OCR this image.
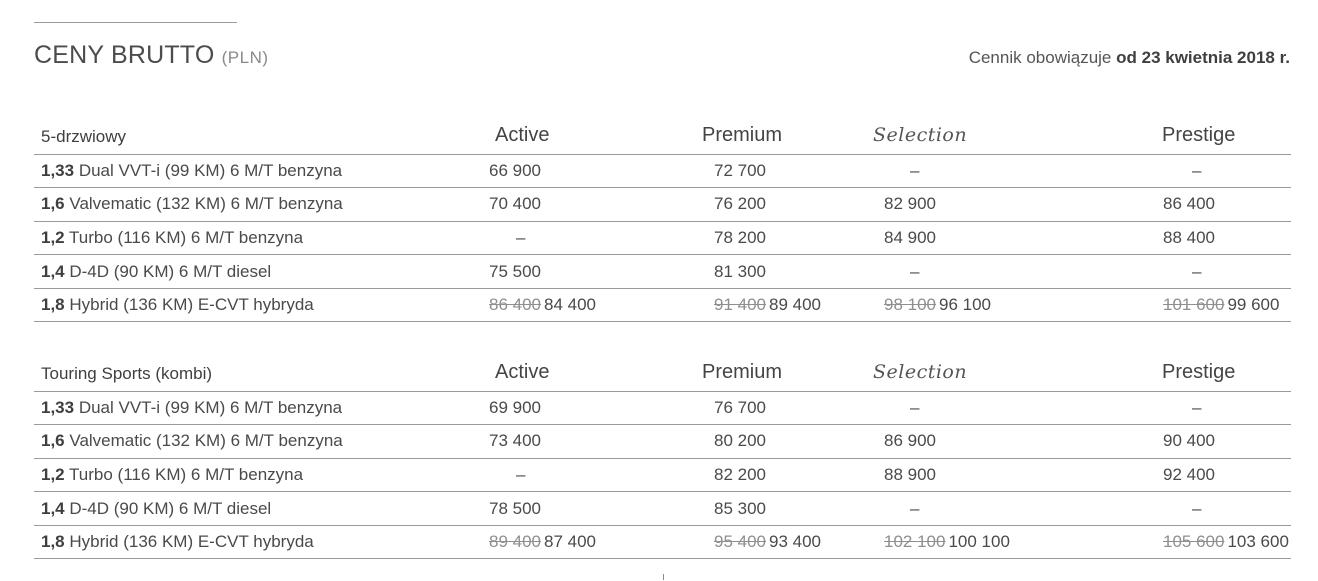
CENY BRUTTO (PLN)	Cennik obowiązuje od 23 kwietnia 2018 r.
5-drzwiowy	Active	Premium	Selection	Prestige
1,33 Dual VVT-i (99 KM) 6 M/T benzyna	66 900	72 700	–	–
1,6 Valvematic (132 KM) 6 M/T benzyna	70 400	76 200	82 900	86 400
1,2 Turbo (116 KM) 6 M/T benzyna	–	78 200	84 900	88 400
1,4 D-4D (90 KM) 6 M/T diesel	75 500	81 300	–	–
1,8 Hybrid (136 KM) E-CVT hybryda	86 400 84 400	91 400 89 400	98 100 96 100	101 600 99 600
Touring Sports (kombi)	Active	Premium	Selection	Prestige
1,33 Dual VVT-i (99 KM) 6 M/T benzyna	69 900	76 700	–	–
1,6 Valvematic (132 KM) 6 M/T benzyna	73 400	80 200	86 900	90 400
1,2 Turbo (116 KM) 6 M/T benzyna	–	82 200	88 900	92 400
1,4 D-4D (90 KM) 6 M/T diesel	78 500	85 300	–	–
1,8 Hybrid (136 KM) E-CVT hybryda	89 400 87 400	95 400 93 400	102 100 100 100	105 600 103 600
